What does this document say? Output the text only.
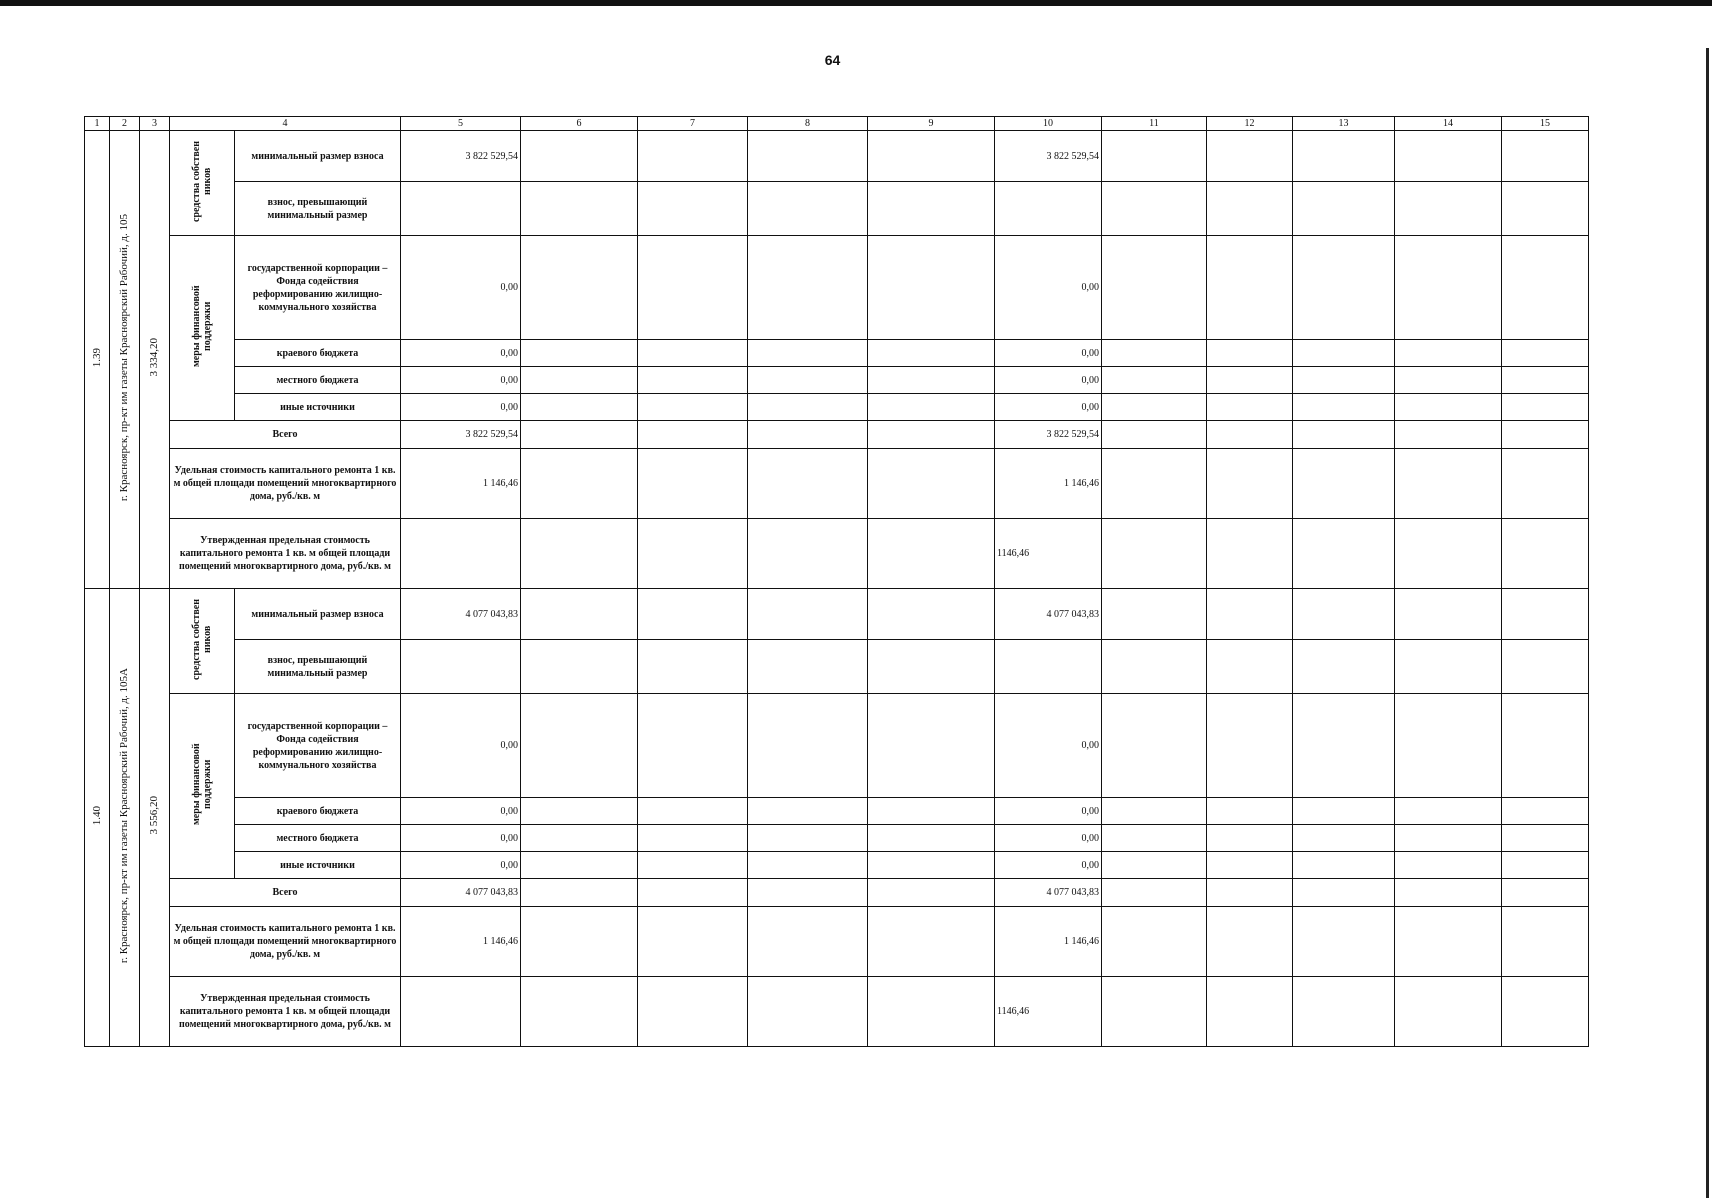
64
1	2	3	4		5	6	7	8	9	10	11	12	13	14	15
1.39	г. Красноярск, пр-кт им газеты Красноярский Рабочий, д. 105	3 334,20	средства собствен ников	минимальный размер взноса	3 822 529,54					3 822 529,54					
				взнос, превышающий минимальный размер											
			меры финансовой поддержки	государственной корпорации – Фонда содействия реформированию жилищно-коммунального хозяйства	0,00					0,00					
				краевого бюджета	0,00					0,00					
				местного бюджета	0,00					0,00					
				иные источники	0,00					0,00					
			Всего		3 822 529,54					3 822 529,54					
			Удельная стоимость капитального ремонта 1 кв. м общей площади помещений многоквартирного дома, руб./кв. м		1 146,46					1 146,46					
			Утвержденная предельная стоимость капитального ремонта 1 кв. м общей площади помещений многоквартирного дома, руб./кв. м							1146,46					
1.40	г. Красноярск, пр-кт им газеты Красноярский Рабочий, д. 105А	3 556,20	средства собствен ников	минимальный размер взноса	4 077 043,83					4 077 043,83					
				взнос, превышающий минимальный размер											
			меры финансовой поддержки	государственной корпорации – Фонда содействия реформированию жилищно-коммунального хозяйства	0,00					0,00					
				краевого бюджета	0,00					0,00					
				местного бюджета	0,00					0,00					
				иные источники	0,00					0,00					
			Всего		4 077 043,83					4 077 043,83					
			Удельная стоимость капитального ремонта 1 кв. м общей площади помещений многоквартирного дома, руб./кв. м		1 146,46					1 146,46					
			Утвержденная предельная стоимость капитального ремонта 1 кв. м общей площади помещений многоквартирного дома, руб./кв. м							1146,46					
